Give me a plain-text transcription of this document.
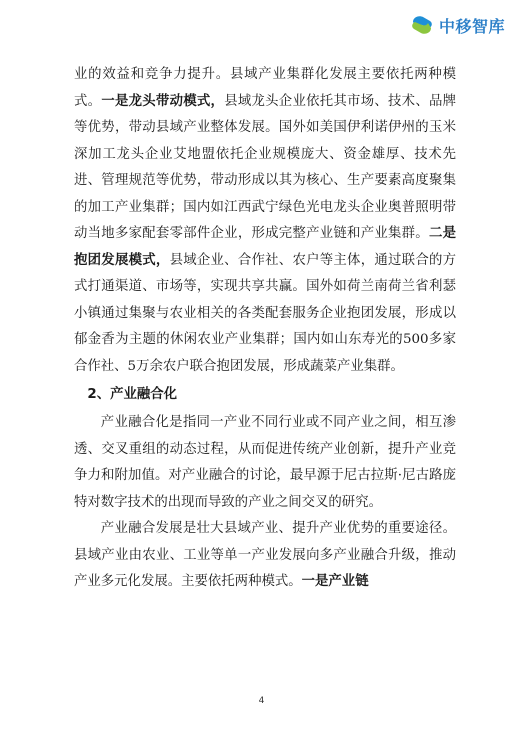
中移智库

业的效益和竞争力提升。县域产业集群化发展主要依托两种模式。一是龙头带动模式，县域龙头企业依托其市场、技术、品牌等优势，带动县域产业整体发展。国外如美国伊利诺伊州的玉米深加工龙头企业艾地盟依托企业规模庞大、资金雄厚、技术先进、管理规范等优势，带动形成以其为核心、生产要素高度聚集的加工产业集群；国内如江西武宁绿色光电龙头企业奥普照明带动当地多家配套零部件企业，形成完整产业链和产业集群。二是抱团发展模式，县域企业、合作社、农户等主体，通过联合的方式打通渠道、市场等，实现共享共赢。国外如荷兰南荷兰省利瑟小镇通过集聚与农业相关的各类配套服务企业抱团发展，形成以郁金香为主题的休闲农业产业集群；国内如山东寿光的500多家合作社、5万余农户联合抱团发展，形成蔬菜产业集群。

2、产业融合化

产业融合化是指同一产业不同行业或不同产业之间，相互渗透、交叉重组的动态过程，从而促进传统产业创新，提升产业竞争力和附加值。对产业融合的讨论，最早源于尼古拉斯·尼古路庞特对数字技术的出现而导致的产业之间交叉的研究。

产业融合发展是壮大县域产业、提升产业优势的重要途径。县域产业由农业、工业等单一产业发展向多产业融合升级，推动产业多元化发展。主要依托两种模式。一是产业链

4
